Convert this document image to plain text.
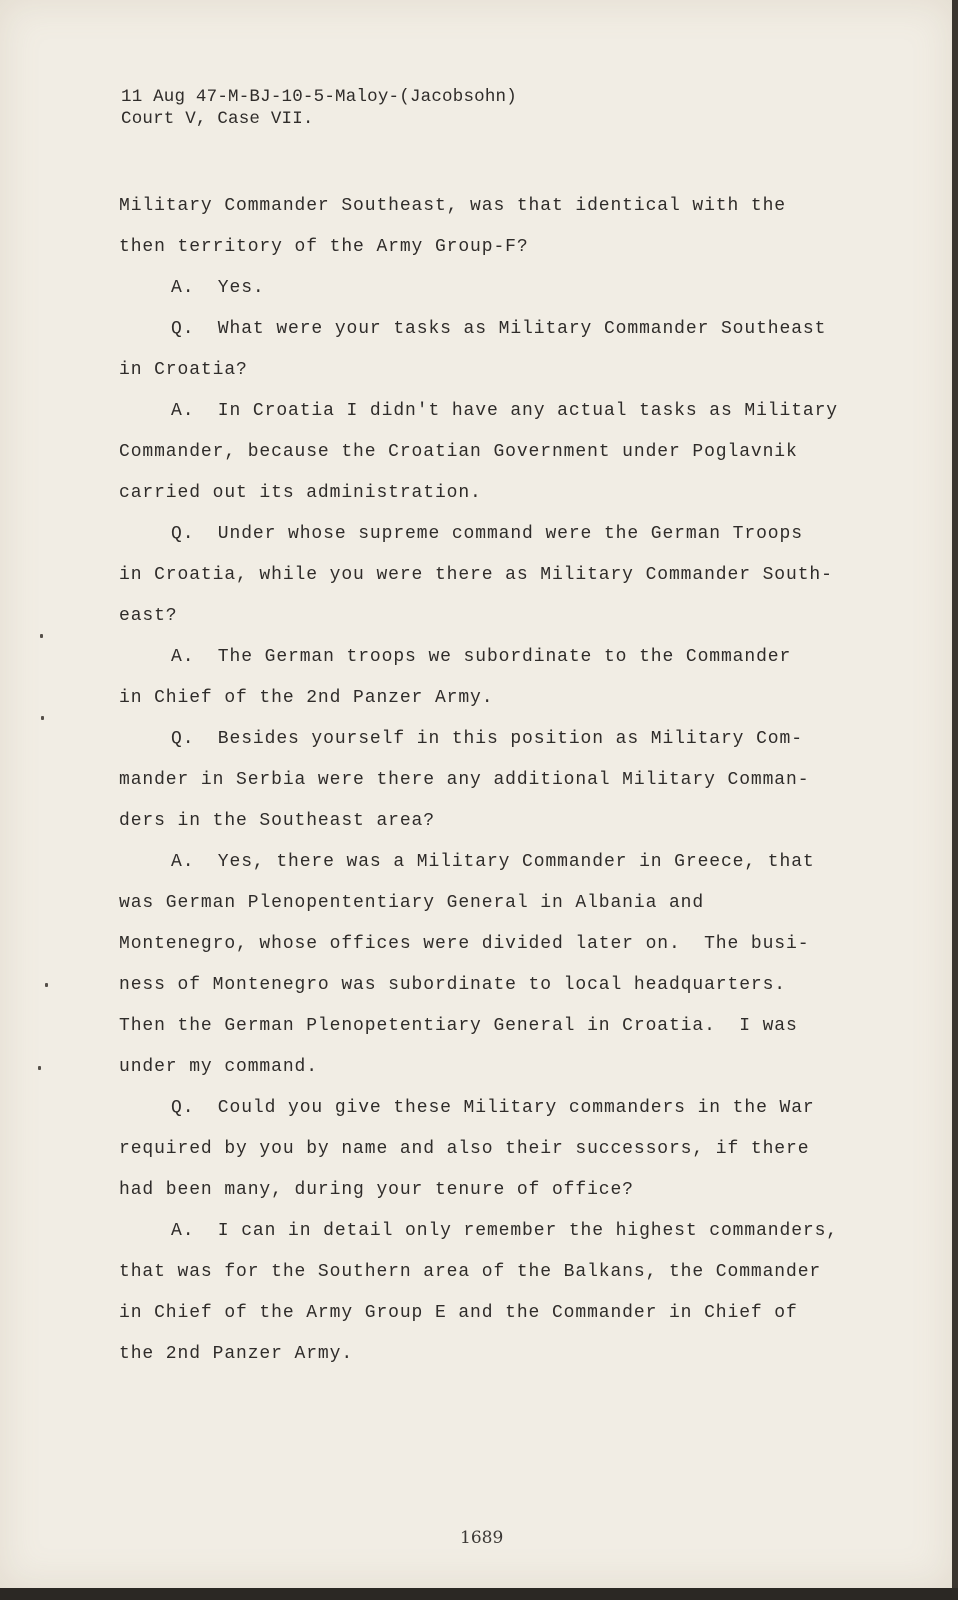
11 Aug 47-M-BJ-10-5-Maloy-(Jacobsohn)
Court V, Case VII.
Military Commander Southeast, was that identical with the
then territory of the Army Group-F?
A.  Yes.
Q.  What were your tasks as Military Commander Southeast
in Croatia?
A.  In Croatia I didn't have any actual tasks as Military
Commander, because the Croatian Government under Poglavnik
carried out its administration.
Q.  Under whose supreme command were the German Troops
in Croatia, while you were there as Military Commander South-
east?
A.  The German troops we subordinate to the Commander
in Chief of the 2nd Panzer Army.
Q.  Besides yourself in this position as Military Com-
mander in Serbia were there any additional Military Comman-
ders in the Southeast area?
A.  Yes, there was a Military Commander in Greece, that
was German Plenopententiary General in Albania and
Montenegro, whose offices were divided later on.  The busi-
ness of Montenegro was subordinate to local headquarters.
Then the German Plenopetentiary General in Croatia.  I was
under my command.
Q.  Could you give these Military commanders in the War
required by you by name and also their successors, if there
had been many, during your tenure of office?
A.  I can in detail only remember the highest commanders,
that was for the Southern area of the Balkans, the Commander
in Chief of the Army Group E and the Commander in Chief of
the 2nd Panzer Army.
1689
